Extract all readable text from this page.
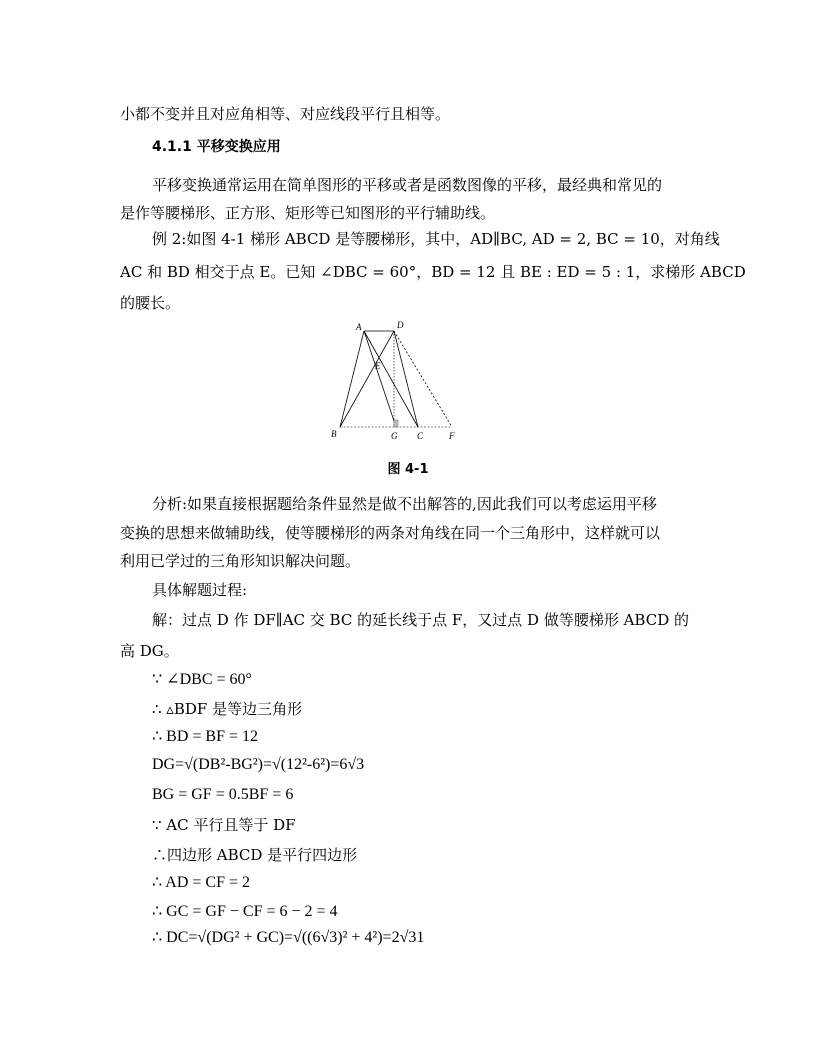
小都不变并且对应角相等、对应线段平行且相等。
4.1.1 平移变换应用
平移变换通常运用在简单图形的平移或者是函数图像的平移，最经典和常见的
是作等腰梯形、正方形、矩形等已知图形的平行辅助线。
例 2:如图 4-1 梯形 ABCD 是等腰梯形，其中，AD∥BC, AD = 2, BC = 10，对角线
AC 和 BD 相交于点 E。已知 ∠DBC = 60°，BD = 12 且 BE : ED = 5 : 1，求梯形 ABCD
的腰长。
A	D
E
B	G C	F
图 4-1
分析:如果直接根据题给条件显然是做不出解答的,因此我们可以考虑运用平移
变换的思想来做辅助线，使等腰梯形的两条对角线在同一个三角形中，这样就可以
利用已学过的三角形知识解决问题。
具体解题过程:
解：过点 D 作 DF∥AC 交 BC 的延长线于点 F，又过点 D 做等腰梯形 ABCD 的
高 DG。
∵ ∠DBC = 60°
∴ ▵BDF 是等边三角形
∴ BD = BF = 12
DG=√(DB²-BG²)=√(12²-6²)=6√3
BG = GF = 0.5BF = 6
∵ AC 平行且等于 DF
∴四边形 ABCD 是平行四边形
∴ AD = CF = 2
∴ GC = GF − CF = 6 − 2 = 4
∴ DC=√(DG² + GC)=√((6√3)² + 4²)=2√31
